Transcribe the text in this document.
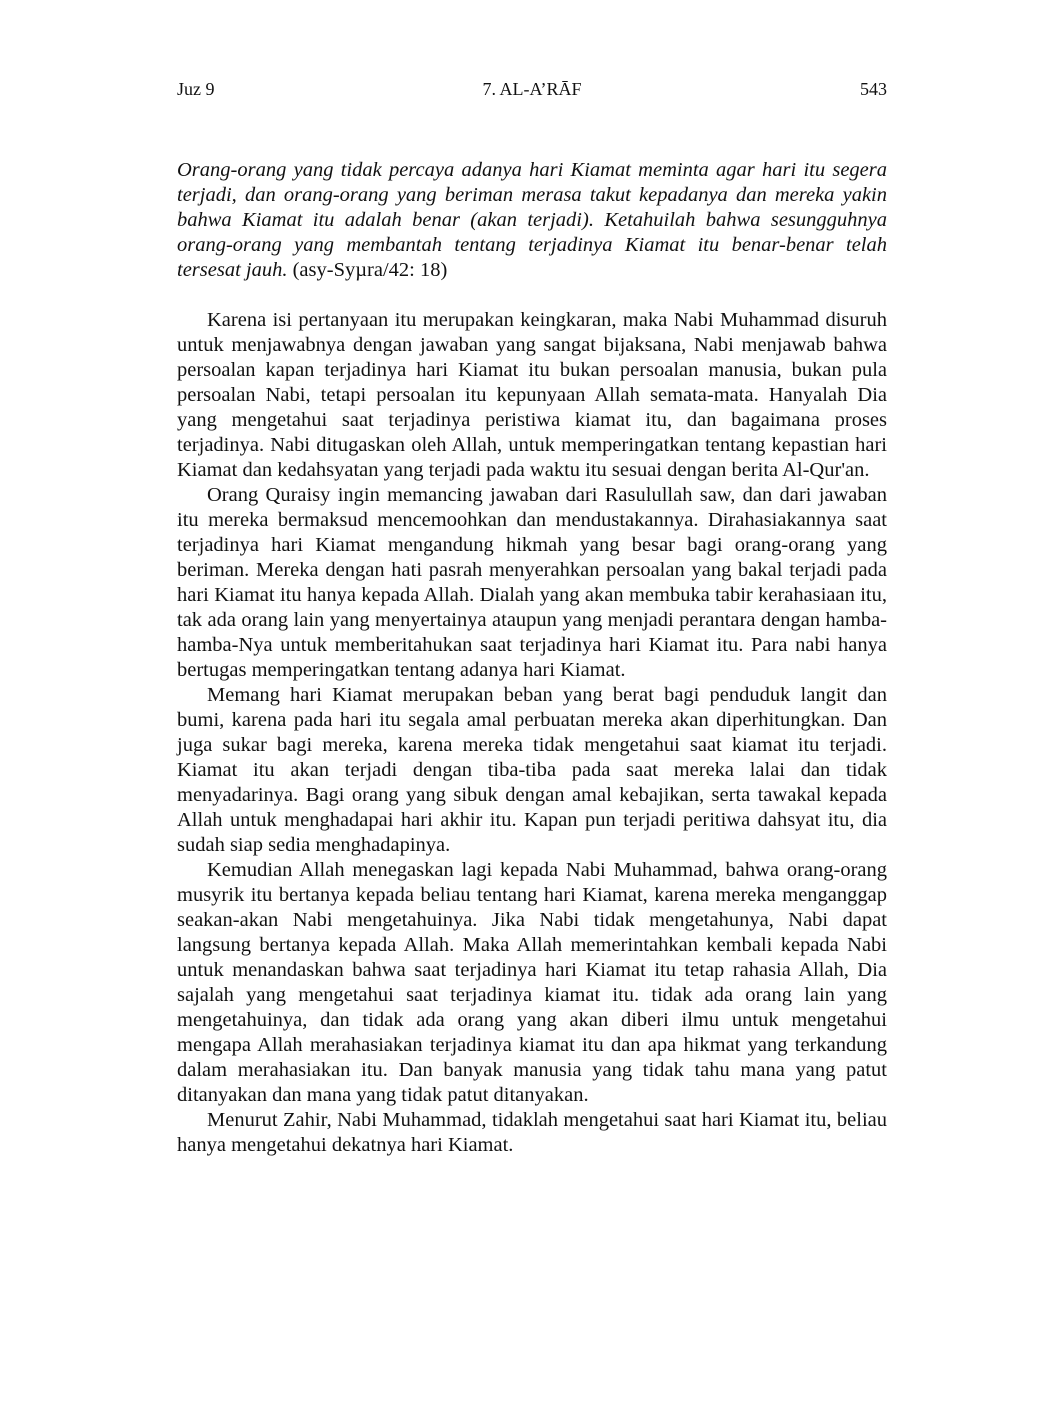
Juz 9	7. AL-A’RĀF	543

Orang-orang yang tidak percaya adanya hari Kiamat meminta agar hari itu segera terjadi, dan orang-orang yang beriman merasa takut kepadanya dan mereka yakin bahwa Kiamat itu adalah benar (akan terjadi). Ketahuilah bahwa sesungguhnya orang-orang yang membantah tentang terjadinya Kiamat itu benar-benar telah tersesat jauh. (asy-Syµra/42: 18)

Karena isi pertanyaan itu merupakan keingkaran, maka Nabi Muhammad disuruh untuk menjawabnya dengan jawaban yang sangat bijaksana, Nabi menjawab bahwa persoalan kapan terjadinya hari Kiamat itu bukan persoalan manusia, bukan pula persoalan Nabi, tetapi persoalan itu kepunyaan Allah semata-mata. Hanyalah Dia yang mengetahui saat terjadinya peristiwa kiamat itu, dan bagaimana proses terjadinya. Nabi ditugaskan oleh Allah, untuk memperingatkan tentang kepastian hari Kiamat dan kedahsyatan yang terjadi pada waktu itu sesuai dengan berita Al-Qur'an.

Orang Quraisy ingin memancing jawaban dari Rasulullah saw, dan dari jawaban itu mereka bermaksud mencemoohkan dan mendustakannya. Dirahasiakannya saat terjadinya hari Kiamat mengandung hikmah yang besar bagi orang-orang yang beriman. Mereka dengan hati pasrah menyerahkan persoalan yang bakal terjadi pada hari Kiamat itu hanya kepada Allah. Dialah yang akan membuka tabir kerahasiaan itu, tak ada orang lain yang menyertainya ataupun yang menjadi perantara dengan hamba-hamba-Nya untuk memberitahukan saat terjadinya hari Kiamat itu. Para nabi hanya bertugas memperingatkan tentang adanya hari Kiamat.

Memang hari Kiamat merupakan beban yang berat bagi penduduk langit dan bumi, karena pada hari itu segala amal perbuatan mereka akan diperhitungkan. Dan juga sukar bagi mereka, karena mereka tidak mengetahui saat kiamat itu terjadi. Kiamat itu akan terjadi dengan tiba-tiba pada saat mereka lalai dan tidak menyadarinya. Bagi orang yang sibuk dengan amal kebajikan, serta tawakal kepada Allah untuk menghadapai hari akhir itu. Kapan pun terjadi peritiwa dahsyat itu, dia sudah siap sedia menghadapinya.

Kemudian Allah menegaskan lagi kepada Nabi Muhammad, bahwa orang-orang musyrik itu bertanya kepada beliau tentang hari Kiamat, karena mereka menganggap seakan-akan Nabi mengetahuinya. Jika Nabi tidak mengetahunya, Nabi dapat langsung bertanya kepada Allah. Maka Allah memerintahkan kembali kepada Nabi untuk menandaskan bahwa saat terjadinya hari Kiamat itu tetap rahasia Allah, Dia sajalah yang mengetahui saat terjadinya kiamat itu. tidak ada orang lain yang mengetahuinya, dan tidak ada orang yang akan diberi ilmu untuk mengetahui mengapa Allah merahasiakan terjadinya kiamat itu dan apa hikmat yang terkandung dalam merahasiakan itu. Dan banyak manusia yang tidak tahu mana yang patut ditanyakan dan mana yang tidak patut ditanyakan.

Menurut Zahir, Nabi Muhammad, tidaklah mengetahui saat hari Kiamat itu, beliau hanya mengetahui dekatnya hari Kiamat.
